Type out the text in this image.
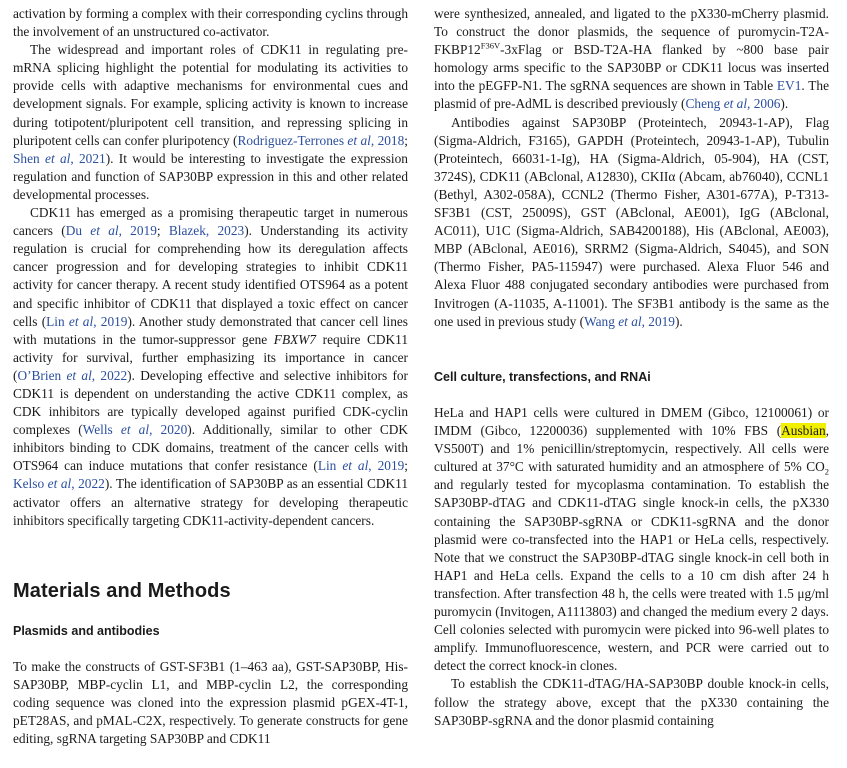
activation by forming a complex with their corresponding cyclins through the involvement of an unstructured co-activator.

The widespread and important roles of CDK11 in regulating pre-mRNA splicing highlight the potential for modulating its activities to provide cells with adaptive mechanisms for environmental cues and development signals. For example, splicing activity is known to increase during totipotent/pluripotent cell transition, and repressing splicing in pluripotent cells can confer pluripotency (Rodriguez-Terrones et al, 2018; Shen et al, 2021). It would be interesting to investigate the expression regulation and function of SAP30BP expression in this and other related developmental processes.

CDK11 has emerged as a promising therapeutic target in numerous cancers (Du et al, 2019; Blazek, 2023). Understanding its activity regulation is crucial for comprehending how its deregulation affects cancer progression and for developing strategies to inhibit CDK11 activity for cancer therapy. A recent study identified OTS964 as a potent and specific inhibitor of CDK11 that displayed a toxic effect on cancer cells (Lin et al, 2019). Another study demonstrated that cancer cell lines with mutations in the tumor-suppressor gene FBXW7 require CDK11 activity for survival, further emphasizing its importance in cancer (O’Brien et al, 2022). Developing effective and selective inhibitors for CDK11 is dependent on understanding the active CDK11 complex, as CDK inhibitors are typically developed against purified CDK-cyclin complexes (Wells et al, 2020). Additionally, similar to other CDK inhibitors binding to CDK domains, treatment of the cancer cells with OTS964 can induce mutations that confer resistance (Lin et al, 2019; Kelso et al, 2022). The identification of SAP30BP as an essential CDK11 activator offers an alternative strategy for developing therapeutic inhibitors specifically targeting CDK11-activity-dependent cancers.

Materials and Methods
Plasmids and antibodies

To make the constructs of GST-SF3B1 (1–463 aa), GST-SAP30BP, His-SAP30BP, MBP-cyclin L1, and MBP-cyclin L2, the corresponding coding sequence was cloned into the expression plasmid pGEX-4T-1, pET28AS, and pMAL-C2X, respectively. To generate constructs for gene editing, sgRNA targeting SAP30BP and CDK11

were synthesized, annealed, and ligated to the pX330-mCherry plasmid. To construct the donor plasmids, the sequence of puromycin-$T2A-FKBP12^{F36V}-3xFlag$ or BSD-T2A-HA flanked by ~800 base pair homology arms specific to the SAP30BP or CDK11 locus was inserted into the pEGFP-N1. The sgRNA sequences are shown in Table EV1. The plasmid of pre-AdML is described previously (Cheng et al, 2006).

Antibodies against SAP30BP (Proteintech, 20943-1-AP), Flag (Sigma-Aldrich, F3165), GAPDH (Proteintech, 20943-1-AP), Tubulin (Proteintech, 66031-1-Ig), HA (Sigma-Aldrich, 05-904), HA (CST, 3724S), CDK11 (ABclonal, A12830), CKIIα (Abcam, ab76040), CCNL1 (Bethyl, A302-058A), CCNL2 (Thermo Fisher, A301-677A), P-T313-SF3B1 (CST, 25009S), GST (ABclonal, AE001), IgG (ABclonal, AC011), U1C (Sigma-Aldrich, SAB4200188), His (ABclonal, AE003), MBP (ABclonal, AE016), SRRM2 (Sigma-Aldrich, S4045), and SON (Thermo Fisher, PA5-115947) were purchased. Alexa Fluor 546 and Alexa Fluor 488 conjugated secondary antibodies were purchased from Invitrogen (A-11035, A-11001). The SF3B1 antibody is the same as the one used in previous study (Wang et al, 2019).

Cell culture, transfections, and RNAi

HeLa and HAP1 cells were cultured in DMEM (Gibco, 12100061) or IMDM (Gibco, 12200036) supplemented with 10% FBS (Ausbian, VS500T) and 1% penicillin/streptomycin, respectively. All cells were cultured at 37°C with saturated humidity and an atmosphere of 5% $CO_2$ and regularly tested for mycoplasma contamination. To establish the SAP30BP-dTAG and CDK11-dTAG single knock-in cells, the pX330 containing the SAP30BP-sgRNA or CDK11-sgRNA and the donor plasmid were co-transfected into the HAP1 or HeLa cells, respectively. Note that we construct the SAP30BP-dTAG single knock-in cell both in HAP1 and HeLa cells. Expand the cells to a 10 cm dish after 24 h transfection. After transfection 48 h, the cells were treated with 1.5 μg/ml puromycin (Invitogen, A1113803) and changed the medium every 2 days. Cell colonies selected with puromycin were picked into 96-well plates to amplify. Immunofluorescence, western, and PCR were carried out to detect the correct knock-in clones.

To establish the CDK11-dTAG/HA-SAP30BP double knock-in cells, follow the strategy above, except that the pX330 containing the SAP30BP-sgRNA and the donor plasmid containing
